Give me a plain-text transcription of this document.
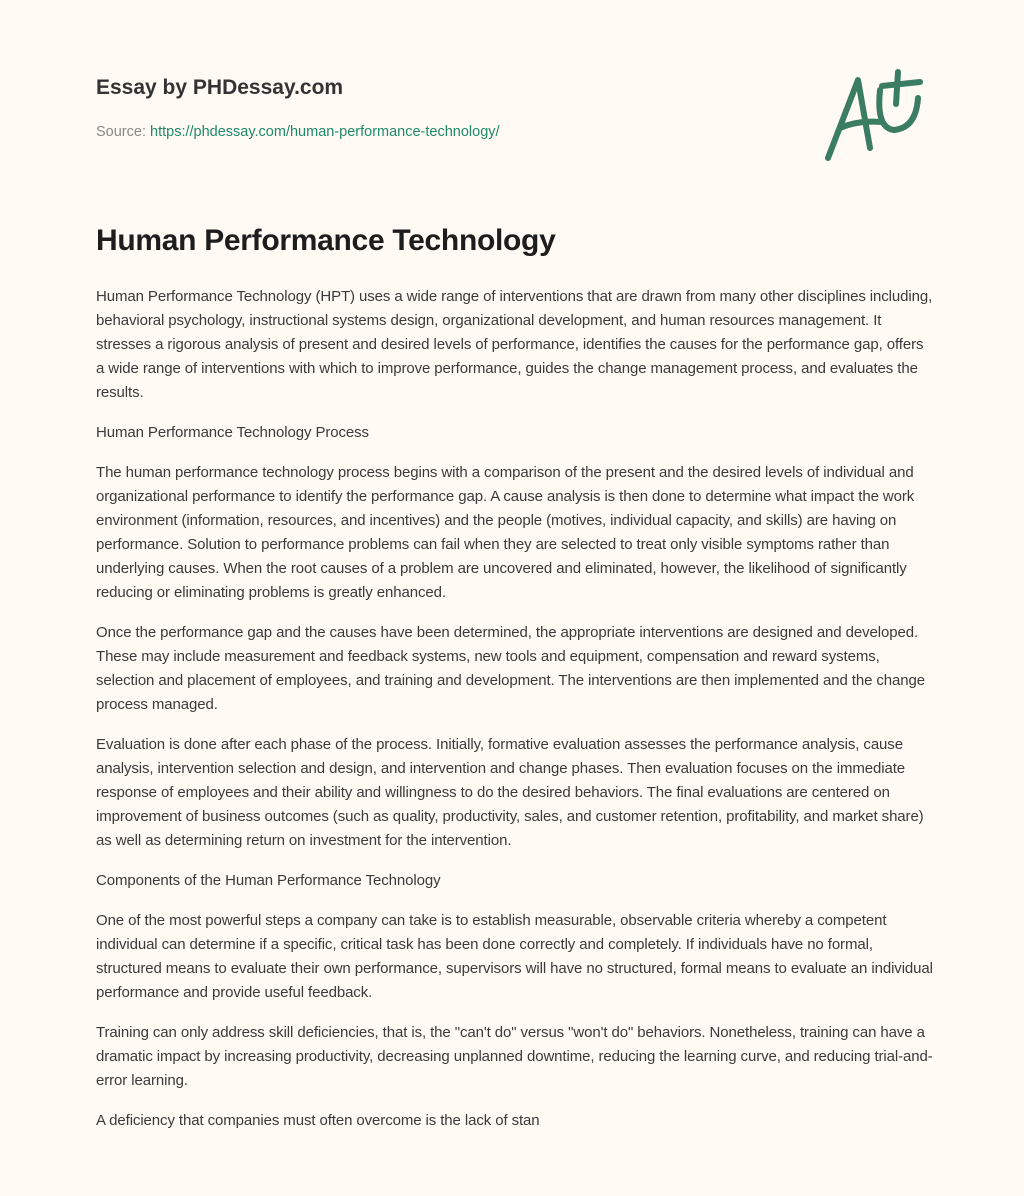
Essay by PHDessay.com
Source: https://phdessay.com/human-performance-technology/
Human Performance Technology

Human Performance Technology (HPT) uses a wide range of interventions that are drawn from many other disciplines including, behavioral psychology, instructional systems design, organizational development, and human resources management. It stresses a rigorous analysis of present and desired levels of performance, identifies the causes for the performance gap, offers a wide range of interventions with which to improve performance, guides the change management process, and evaluates the results.

Human Performance Technology Process

The human performance technology process begins with a comparison of the present and the desired levels of individual and organizational performance to identify the performance gap. A cause analysis is then done to determine what impact the work environment (information, resources, and incentives) and the people (motives, individual capacity, and skills) are having on performance. Solution to performance problems can fail when they are selected to treat only visible symptoms rather than underlying causes. When the root causes of a problem are uncovered and eliminated, however, the likelihood of significantly reducing or eliminating problems is greatly enhanced.

Once the performance gap and the causes have been determined, the appropriate interventions are designed and developed. These may include measurement and feedback systems, new tools and equipment, compensation and reward systems, selection and placement of employees, and training and development. The interventions are then implemented and the change process managed.

Evaluation is done after each phase of the process. Initially, formative evaluation assesses the performance analysis, cause analysis, intervention selection and design, and intervention and change phases. Then evaluation focuses on the immediate response of employees and their ability and willingness to do the desired behaviors. The final evaluations are centered on improvement of business outcomes (such as quality, productivity, sales, and customer retention, profitability, and market share) as well as determining return on investment for the intervention.

Components of the Human Performance Technology

One of the most powerful steps a company can take is to establish measurable, observable criteria whereby a competent individual can determine if a specific, critical task has been done correctly and completely. If individuals have no formal, structured means to evaluate their own performance, supervisors will have no structured, formal means to evaluate an individual performance and provide useful feedback.

Training can only address skill deficiencies, that is, the "can't do" versus "won't do" behaviors. Nonetheless, training can have a dramatic impact by increasing productivity, decreasing unplanned downtime, reducing the learning curve, and reducing trial-and-error learning.

A deficiency that companies must often overcome is the lack of stan
